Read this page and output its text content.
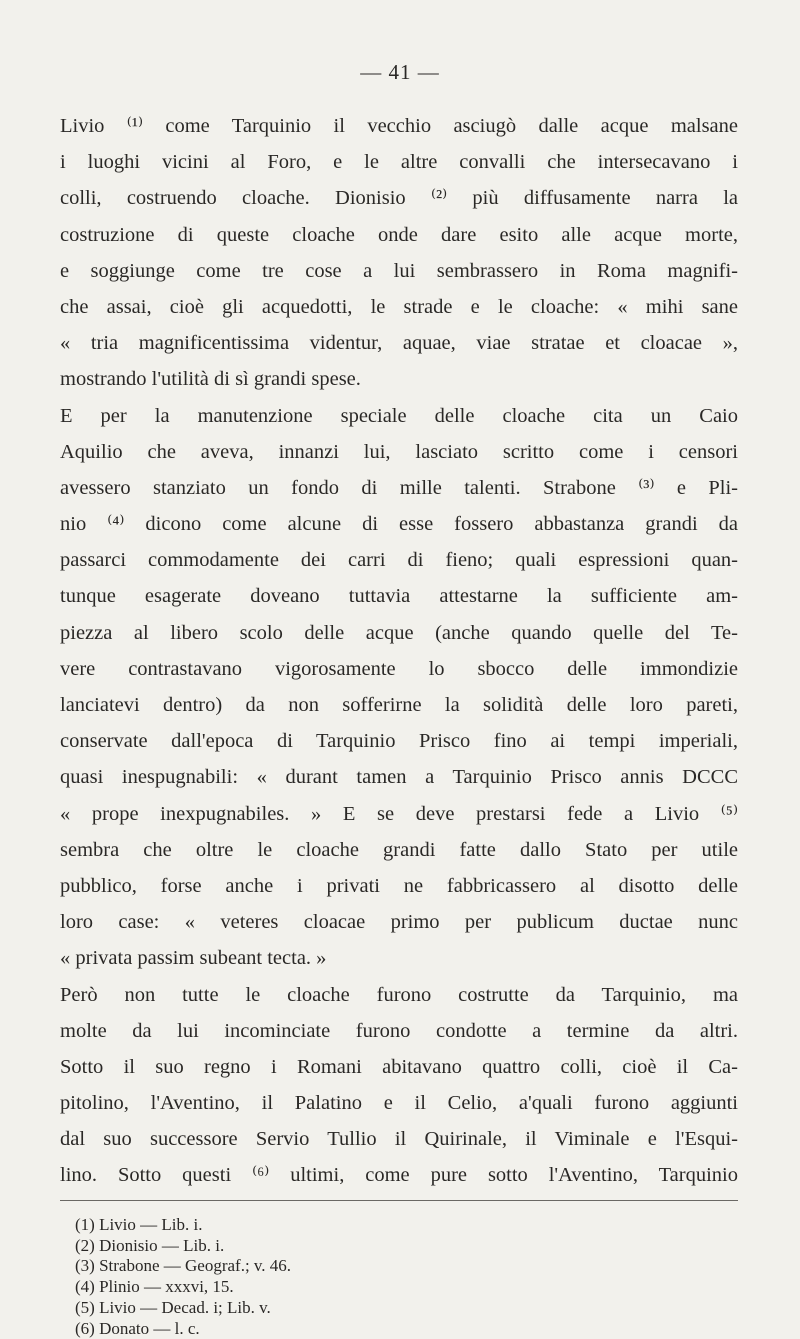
— 41 —
Livio ⁽¹⁾ come Tarquinio il vecchio asciugò dalle acque malsane
i luoghi vicini al Foro, e le altre convalli che intersecavano i
colli, costruendo cloache. Dionisio ⁽²⁾ più diffusamente narra la
costruzione di queste cloache onde dare esito alle acque morte,
e soggiunge come tre cose a lui sembrassero in Roma magnifi-
che assai, cioè gli acquedotti, le strade e le cloache: « mihi sane
« tria magnificentissima videntur, aquae, viae stratae et cloacae »,
mostrando l'utilità di sì grandi spese.
E per la manutenzione speciale delle cloache cita un Caio
Aquilio che aveva, innanzi lui, lasciato scritto come i censori
avessero stanziato un fondo di mille talenti. Strabone ⁽³⁾ e Pli-
nio ⁽⁴⁾ dicono come alcune di esse fossero abbastanza grandi da
passarci commodamente dei carri di fieno; quali espressioni quan-
tunque esagerate doveano tuttavia attestarne la sufficiente am-
piezza al libero scolo delle acque (anche quando quelle del Te-
vere contrastavano vigorosamente lo sbocco delle immondizie
lanciatevi dentro) da non sofferirne la solidità delle loro pareti,
conservate dall'epoca di Tarquinio Prisco fino ai tempi imperiali,
quasi inespugnabili: « durant tamen a Tarquinio Prisco annis DCCC
« prope inexpugnabiles. » E se deve prestarsi fede a Livio ⁽⁵⁾
sembra che oltre le cloache grandi fatte dallo Stato per utile
pubblico, forse anche i privati ne fabbricassero al disotto delle
loro case: « veteres cloacae primo per publicum ductae nunc
« privata passim subeant tecta. »
Però non tutte le cloache furono costrutte da Tarquinio, ma
molte da lui incominciate furono condotte a termine da altri.
Sotto il suo regno i Romani abitavano quattro colli, cioè il Ca-
pitolino, l'Aventino, il Palatino e il Celio, a'quali furono aggiunti
dal suo successore Servio Tullio il Quirinale, il Viminale e l'Esqui-
lino. Sotto questi ⁽⁶⁾ ultimi, come pure sotto l'Aventino, Tarquinio
(1) Livio — Lib. i.
(2) Dionisio — Lib. i.
(3) Strabone — Geograf.; v. 46.
(4) Plinio — xxxvi, 15.
(5) Livio — Decad. i; Lib. v.
(6) Donato — l. c.
